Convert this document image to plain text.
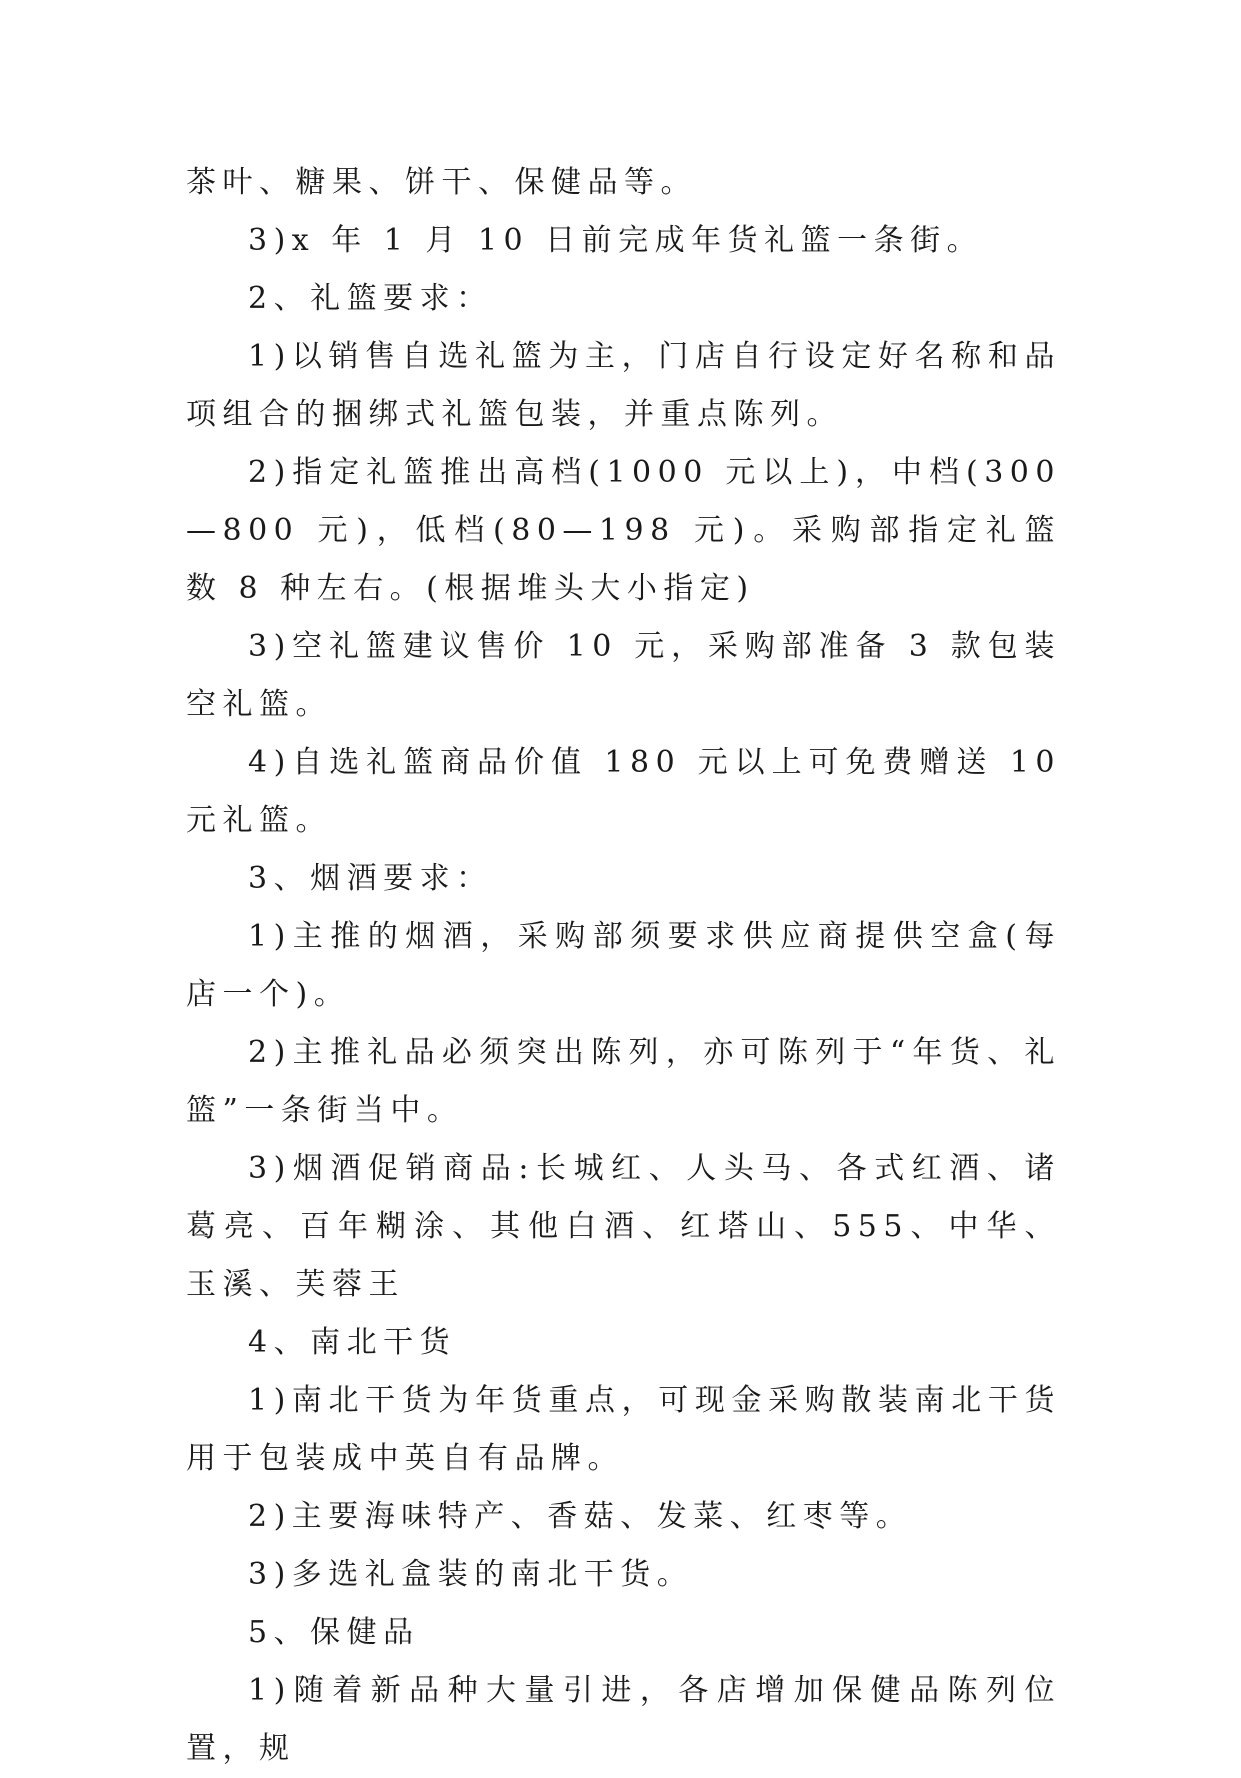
茶叶、糖果、饼干、保健品等。

3)x 年 1 月 10 日前完成年货礼篮一条街。

2、礼篮要求：

1)以销售自选礼篮为主，门店自行设定好名称和品项组合的捆绑式礼篮包装，并重点陈列。

2)指定礼篮推出高档(1000 元以上)，中档(300—800 元)，低档(80—198 元)。采购部指定礼篮数 8 种左右。(根据堆头大小指定)

3)空礼篮建议售价 10 元，采购部准备 3 款包装空礼篮。

4)自选礼篮商品价值 180 元以上可免费赠送 10 元礼篮。

3、烟酒要求：

1)主推的烟酒，采购部须要求供应商提供空盒(每店一个)。

2)主推礼品必须突出陈列，亦可陈列于“年货、礼篮”一条街当中。

3)烟酒促销商品:长城红、人头马、各式红酒、诸葛亮、百年糊涂、其他白酒、红塔山、555、中华、玉溪、芙蓉王

4、南北干货

1)南北干货为年货重点，可现金采购散装南北干货用于包装成中英自有品牌。

2)主要海味特产、香菇、发菜、红枣等。

3)多选礼盒装的南北干货。

5、保健品

1)随着新品种大量引进，各店增加保健品陈列位置，规
